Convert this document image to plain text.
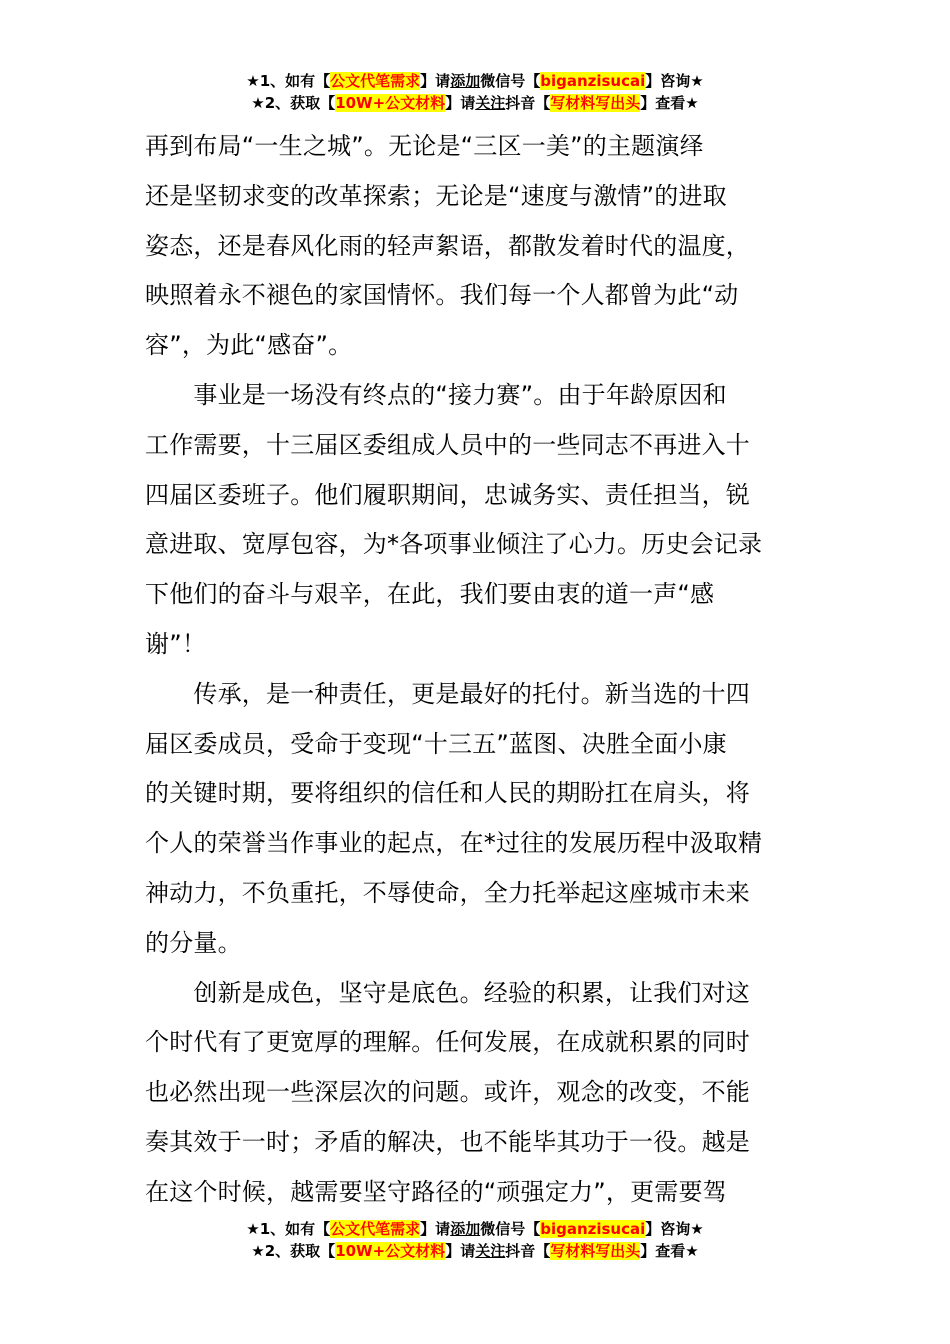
★1、如有【公文代笔需求】请添加微信号【biganzisucai】咨询★
★2、获取【10W+公文材料】请关注抖音【写材料写出头】查看★
再到布局“一生之城”。无论是“三区一美”的主题演绎
还是坚韧求变的改革探索；无论是“速度与激情”的进取
姿态，还是春风化雨的轻声絮语，都散发着时代的温度，
映照着永不褪色的家国情怀。我们每一个人都曾为此“动
容”，为此“感奋”。
　　事业是一场没有终点的“接力赛”。由于年龄原因和
工作需要，十三届区委组成人员中的一些同志不再进入十
四届区委班子。他们履职期间，忠诚务实、责任担当，锐
意进取、宽厚包容，为*各项事业倾注了心力。历史会记录
下他们的奋斗与艰辛，在此，我们要由衷的道一声“感
谢”！
　　传承，是一种责任，更是最好的托付。新当选的十四
届区委成员，受命于变现“十三五”蓝图、决胜全面小康
的关键时期，要将组织的信任和人民的期盼扛在肩头，将
个人的荣誉当作事业的起点，在*过往的发展历程中汲取精
神动力，不负重托，不辱使命，全力托举起这座城市未来
的分量。
　　创新是成色，坚守是底色。经验的积累，让我们对这
个时代有了更宽厚的理解。任何发展，在成就积累的同时
也必然出现一些深层次的问题。或许，观念的改变，不能
奏其效于一时；矛盾的解决，也不能毕其功于一役。越是
在这个时候，越需要坚守路径的“顽强定力”，更需要驾
★1、如有【公文代笔需求】请添加微信号【biganzisucai】咨询★
★2、获取【10W+公文材料】请关注抖音【写材料写出头】查看★
